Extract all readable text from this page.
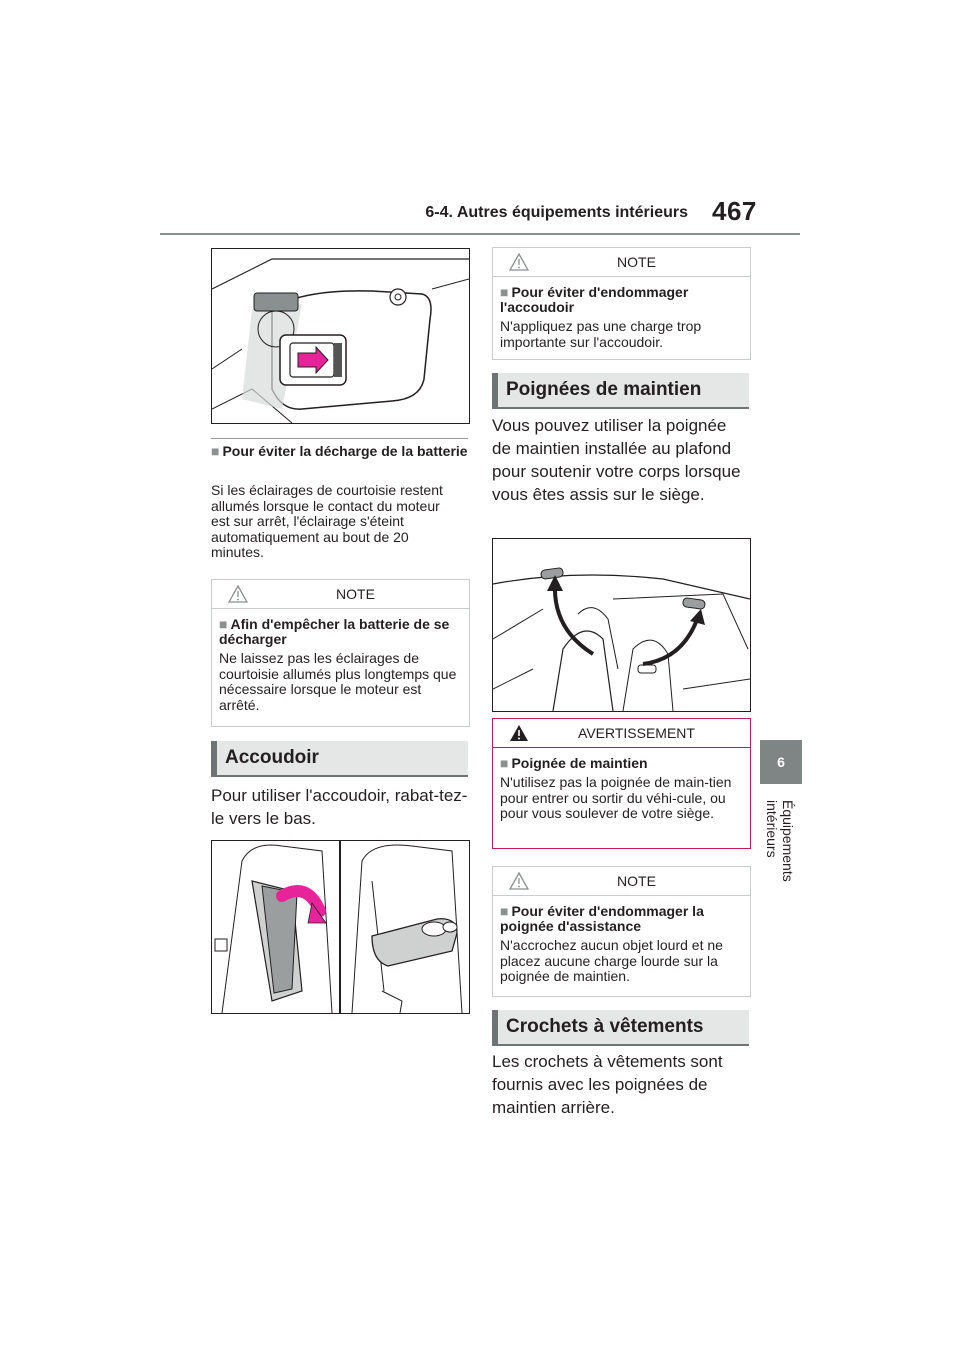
6-4. Autres équipements intérieurs 467
6
Équipements intérieurs
■ Pour éviter la décharge de la batterie
Si les éclairages de courtoisie restent allumés lorsque le contact du moteur est sur arrêt, l'éclairage s'éteint automatiquement au bout de 20 minutes.
NOTE
■ Afin d'empêcher la batterie de se décharger
Ne laissez pas les éclairages de courtoisie allumés plus longtemps que nécessaire lorsque le moteur est arrêté.
Accoudoir
Pour utiliser l'accoudoir, rabat-tez-le vers le bas.
NOTE
■ Pour éviter d'endommager l'accoudoir
N'appliquez pas une charge trop importante sur l'accoudoir.
Poignées de maintien
Vous pouvez utiliser la poignée de maintien installée au plafond pour soutenir votre corps lorsque vous êtes assis sur le siège.
AVERTISSEMENT
■ Poignée de maintien
N'utilisez pas la poignée de main-tien pour entrer ou sortir du véhi-cule, ou pour vous soulever de votre siège.
NOTE
■ Pour éviter d'endommager la poignée d'assistance
N'accrochez aucun objet lourd et ne placez aucune charge lourde sur la poignée de maintien.
Crochets à vêtements
Les crochets à vêtements sont fournis avec les poignées de maintien arrière.
